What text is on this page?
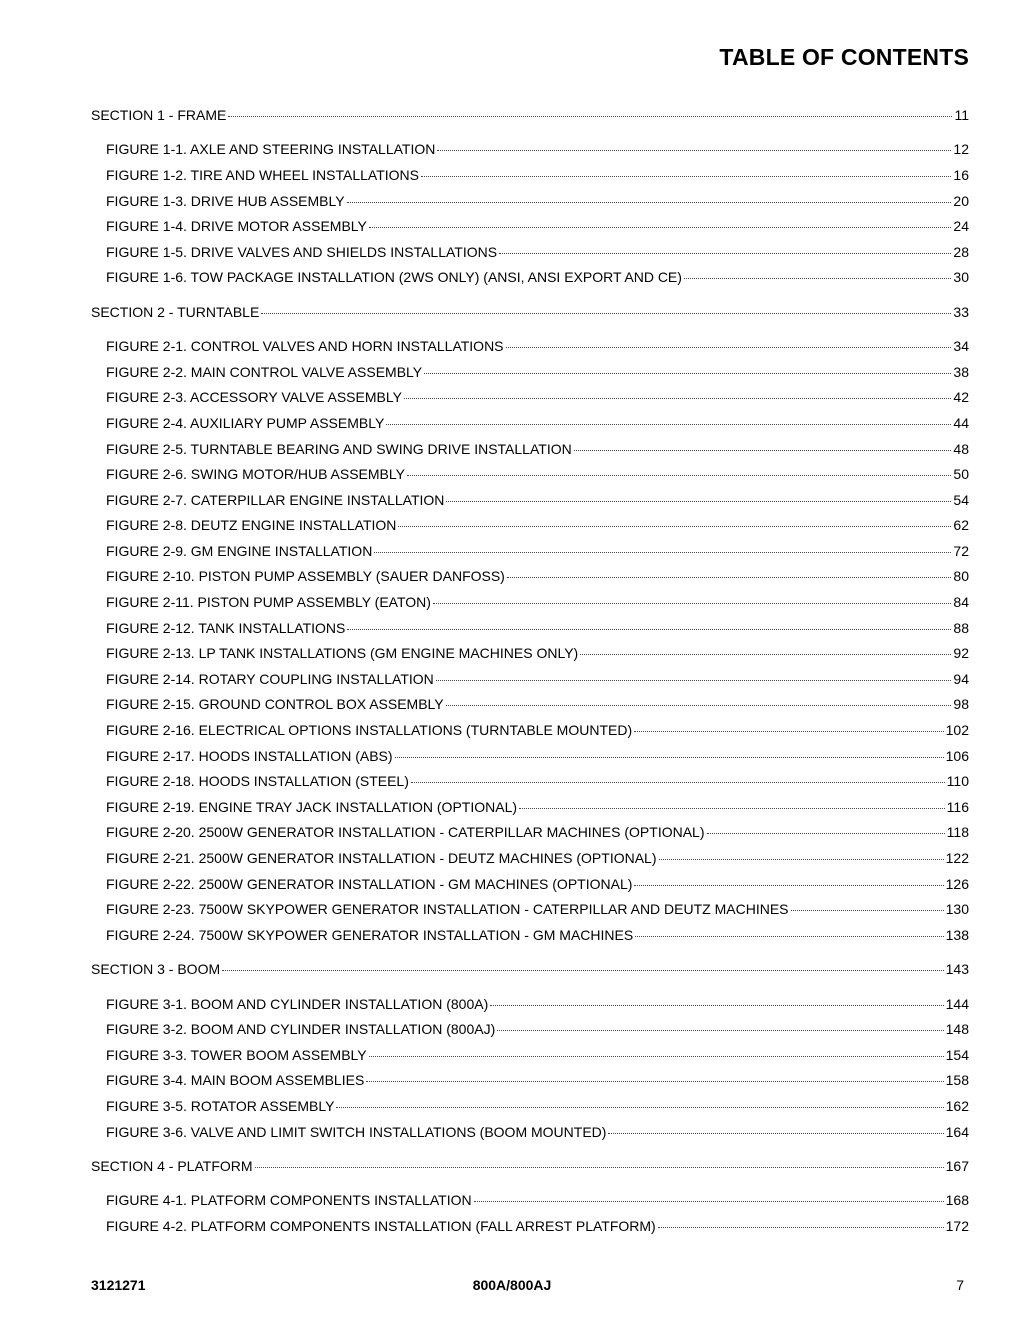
TABLE OF CONTENTS
SECTION 1 - FRAME	11
FIGURE 1-1. AXLE AND STEERING INSTALLATION	12
FIGURE 1-2. TIRE AND WHEEL INSTALLATIONS	16
FIGURE 1-3. DRIVE HUB ASSEMBLY	20
FIGURE 1-4. DRIVE MOTOR ASSEMBLY	24
FIGURE 1-5. DRIVE VALVES AND SHIELDS INSTALLATIONS	28
FIGURE 1-6. TOW PACKAGE INSTALLATION (2WS ONLY) (ANSI, ANSI EXPORT AND CE)	30
SECTION 2 - TURNTABLE	33
FIGURE 2-1. CONTROL VALVES AND HORN INSTALLATIONS	34
FIGURE 2-2. MAIN CONTROL VALVE ASSEMBLY	38
FIGURE 2-3. ACCESSORY VALVE ASSEMBLY	42
FIGURE 2-4. AUXILIARY PUMP ASSEMBLY	44
FIGURE 2-5. TURNTABLE BEARING AND SWING DRIVE INSTALLATION	48
FIGURE 2-6. SWING MOTOR/HUB ASSEMBLY	50
FIGURE 2-7. CATERPILLAR ENGINE INSTALLATION	54
FIGURE 2-8. DEUTZ ENGINE INSTALLATION	62
FIGURE 2-9. GM ENGINE INSTALLATION	72
FIGURE 2-10. PISTON PUMP ASSEMBLY (SAUER DANFOSS)	80
FIGURE 2-11. PISTON PUMP ASSEMBLY (EATON)	84
FIGURE 2-12. TANK INSTALLATIONS	88
FIGURE 2-13. LP TANK INSTALLATIONS (GM ENGINE MACHINES ONLY)	92
FIGURE 2-14. ROTARY COUPLING INSTALLATION	94
FIGURE 2-15. GROUND CONTROL BOX ASSEMBLY	98
FIGURE 2-16. ELECTRICAL OPTIONS INSTALLATIONS (TURNTABLE MOUNTED)	102
FIGURE 2-17. HOODS INSTALLATION (ABS)	106
FIGURE 2-18. HOODS INSTALLATION (STEEL)	110
FIGURE 2-19. ENGINE TRAY JACK INSTALLATION (OPTIONAL)	116
FIGURE 2-20. 2500W GENERATOR INSTALLATION - CATERPILLAR MACHINES (OPTIONAL)	118
FIGURE 2-21. 2500W GENERATOR INSTALLATION - DEUTZ MACHINES (OPTIONAL)	122
FIGURE 2-22. 2500W GENERATOR INSTALLATION - GM MACHINES (OPTIONAL)	126
FIGURE 2-23. 7500W SKYPOWER GENERATOR INSTALLATION - CATERPILLAR AND DEUTZ MACHINES	130
FIGURE 2-24. 7500W SKYPOWER GENERATOR INSTALLATION - GM MACHINES	138
SECTION 3 - BOOM	143
FIGURE 3-1. BOOM AND CYLINDER INSTALLATION (800A)	144
FIGURE 3-2. BOOM AND CYLINDER INSTALLATION (800AJ)	148
FIGURE 3-3. TOWER BOOM ASSEMBLY	154
FIGURE 3-4. MAIN BOOM ASSEMBLIES	158
FIGURE 3-5. ROTATOR ASSEMBLY	162
FIGURE 3-6. VALVE AND LIMIT SWITCH INSTALLATIONS (BOOM MOUNTED)	164
SECTION 4 - PLATFORM	167
FIGURE 4-1. PLATFORM COMPONENTS INSTALLATION	168
FIGURE 4-2. PLATFORM COMPONENTS INSTALLATION (FALL ARREST PLATFORM)	172
3121271	800A/800AJ	7
